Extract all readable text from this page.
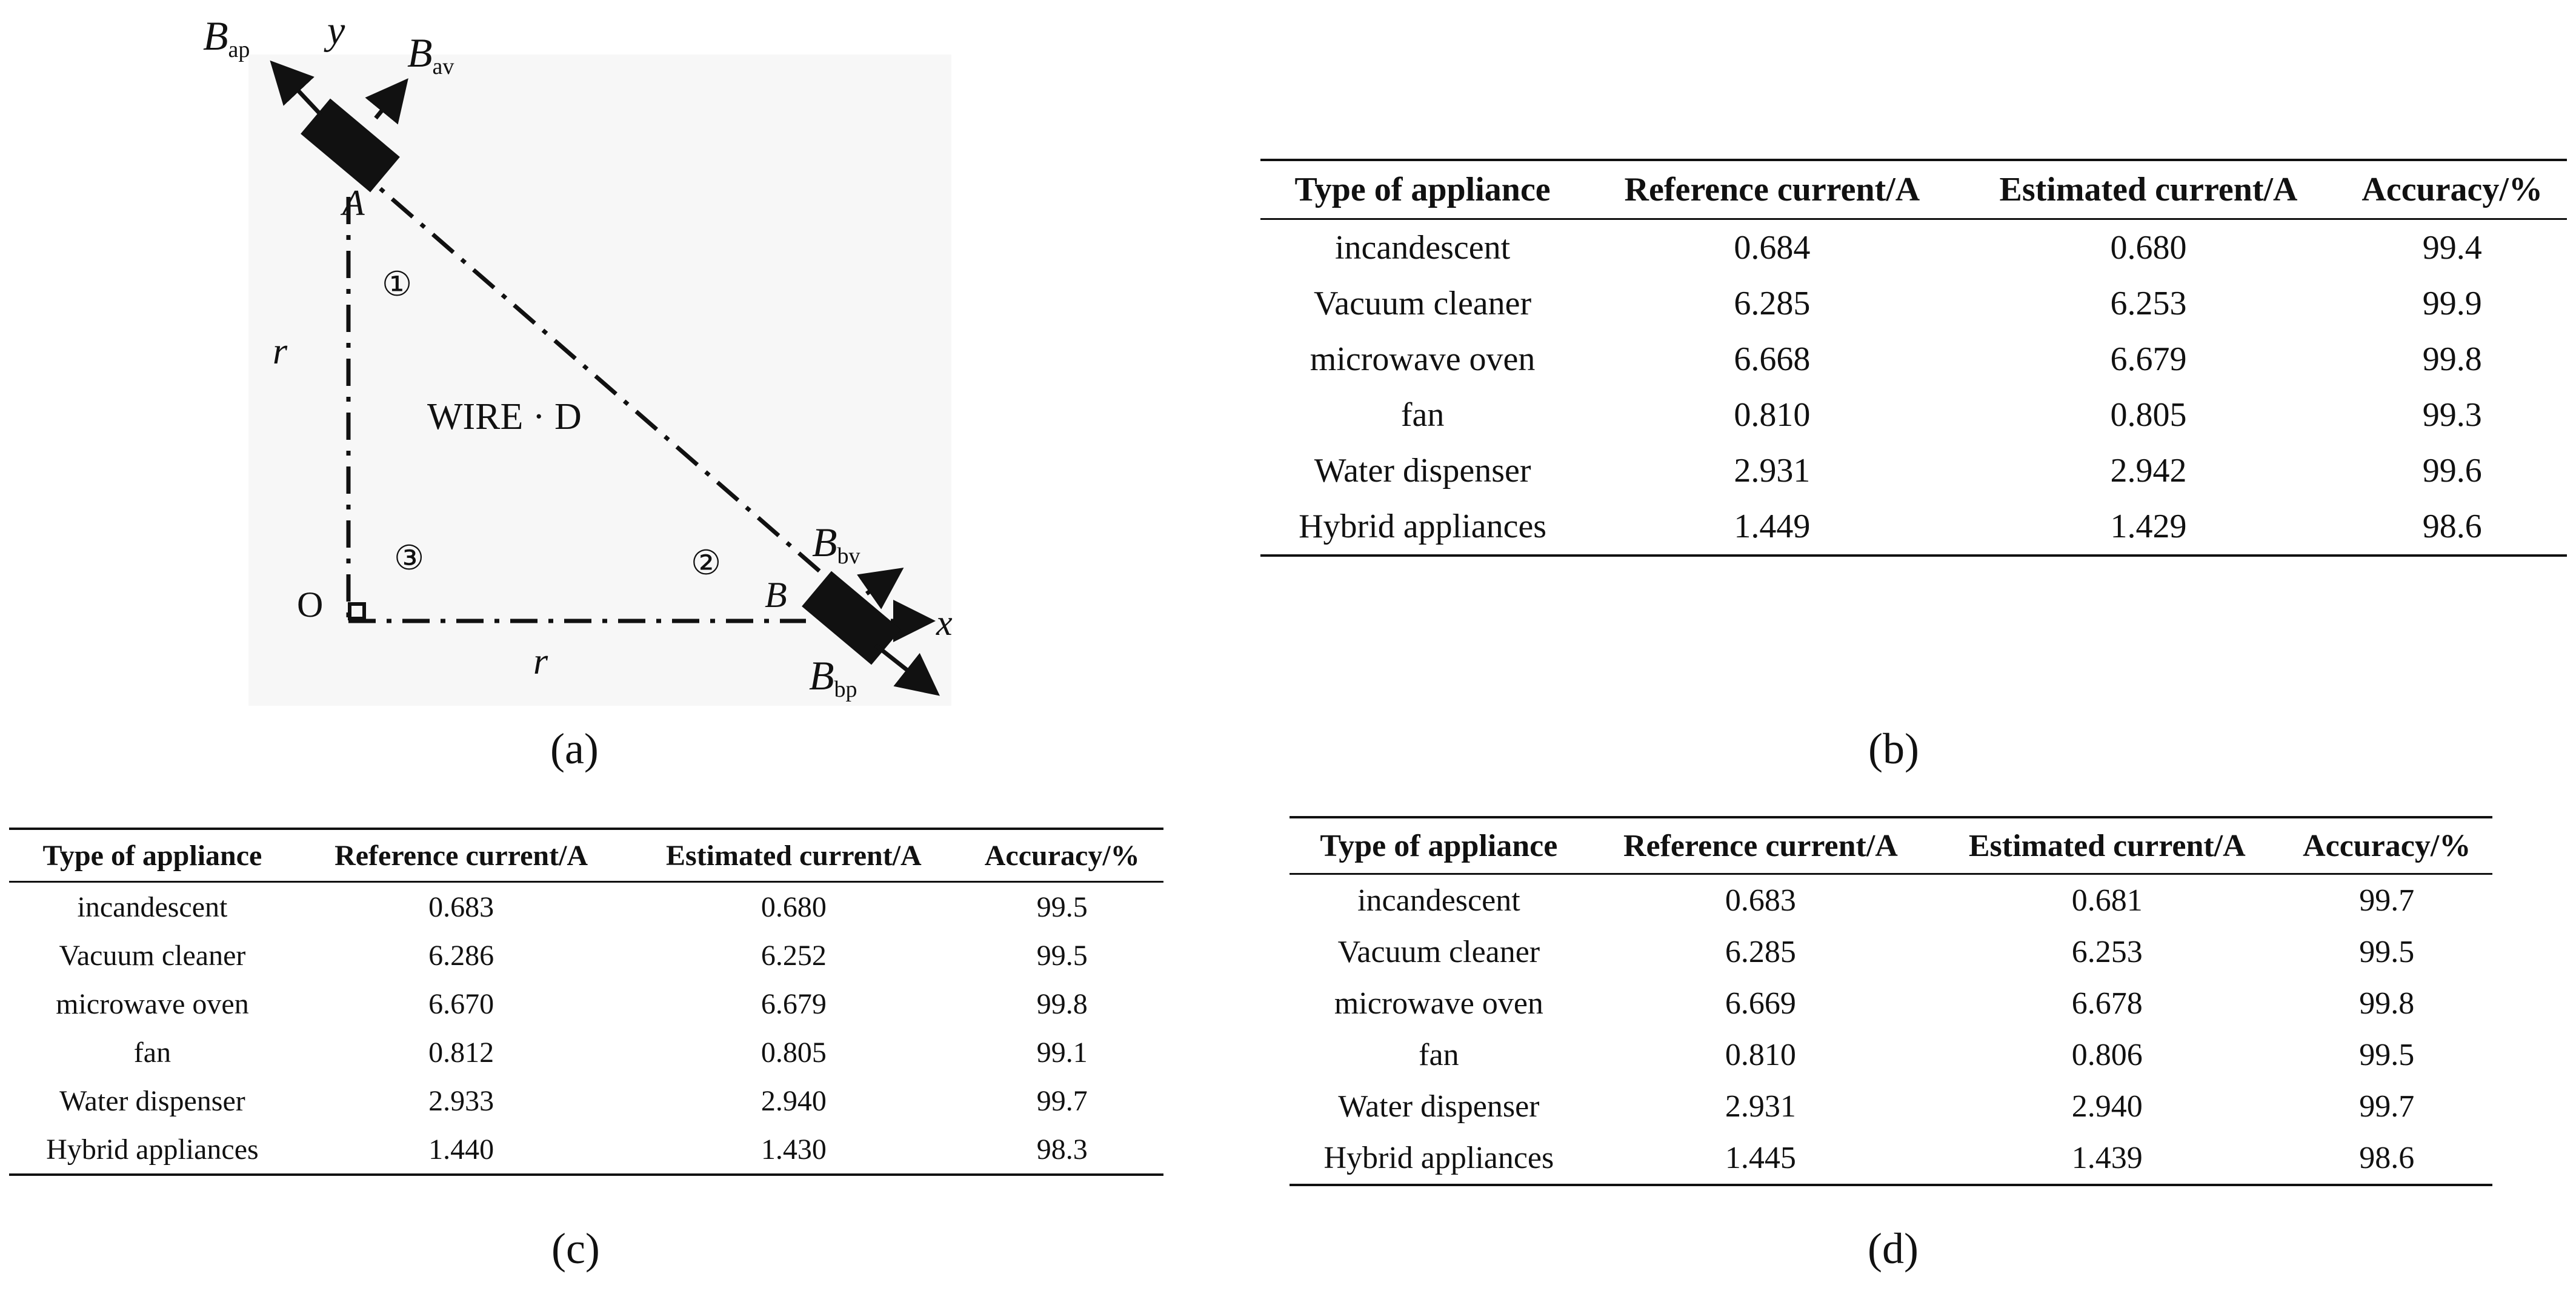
Bap y Bav
A
①
r
WIRE · D
③	②
O	B
Bbv
x
r	Bbp
(a)	(b)
(c)	(d)
Type of appliance	Reference current/A	Estimated current/A	Accuracy/%
incandescent	0.684	0.680	99.4
Vacuum cleaner	6.285	6.253	99.9
microwave oven	6.668	6.679	99.8
fan	0.810	0.805	99.3
Water dispenser	2.931	2.942	99.6
Hybrid appliances	1.449	1.429	98.6
Type of appliance	Reference current/A	Estimated current/A	Accuracy/%
incandescent	0.683	0.680	99.5
Vacuum cleaner	6.286	6.252	99.5
microwave oven	6.670	6.679	99.8
fan	0.812	0.805	99.1
Water dispenser	2.933	2.940	99.7
Hybrid appliances	1.440	1.430	98.3
Type of appliance	Reference current/A	Estimated current/A	Accuracy/%
incandescent	0.683	0.681	99.7
Vacuum cleaner	6.285	6.253	99.5
microwave oven	6.669	6.678	99.8
fan	0.810	0.806	99.5
Water dispenser	2.931	2.940	99.7
Hybrid appliances	1.445	1.439	98.6
